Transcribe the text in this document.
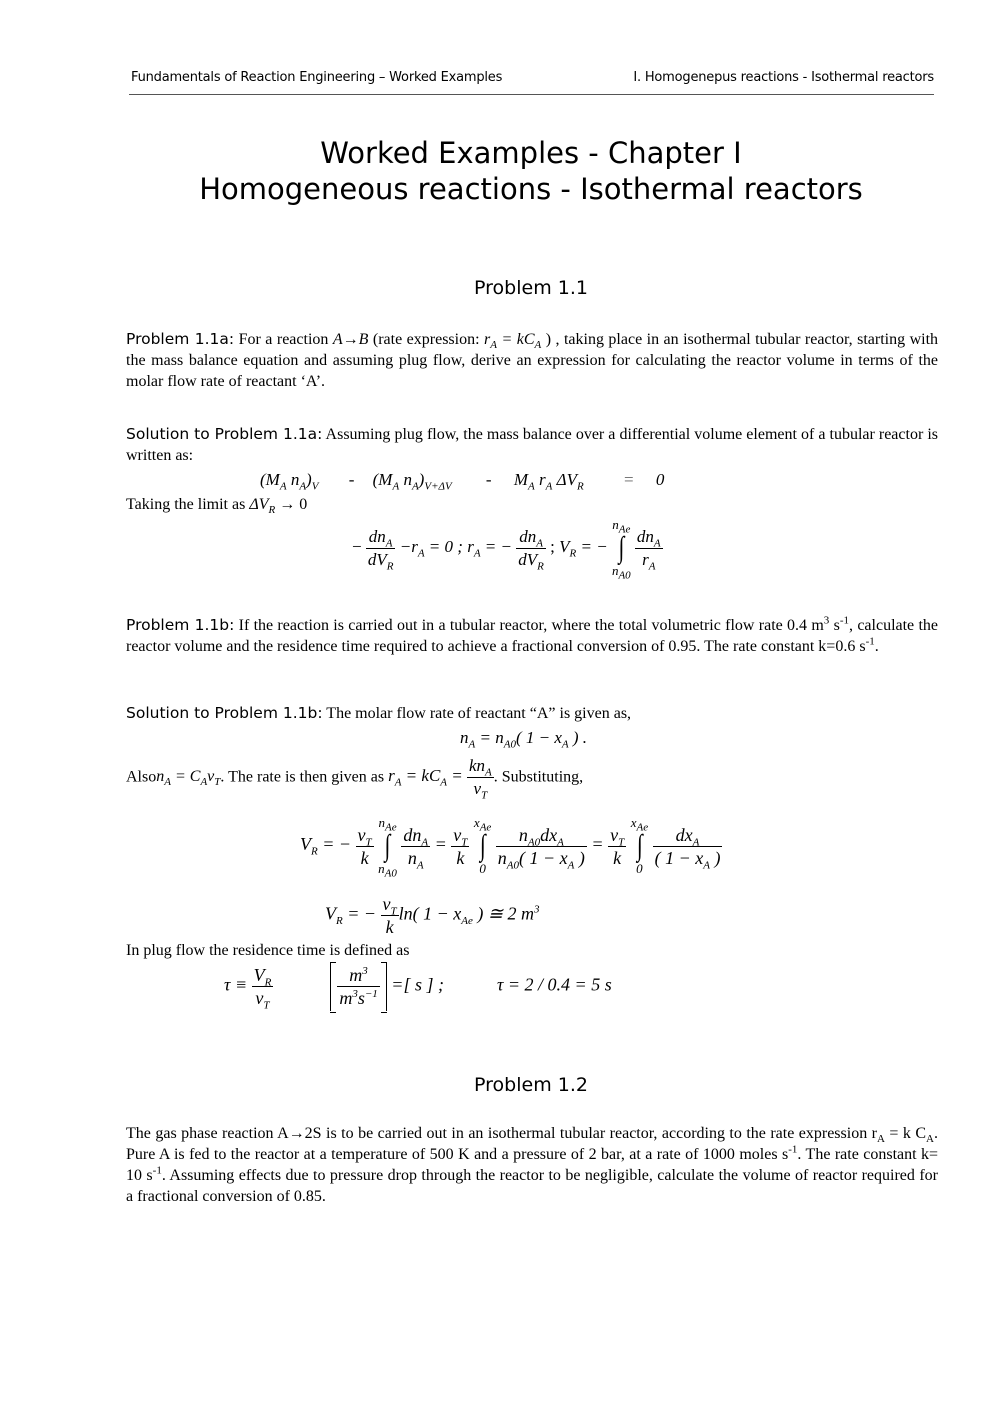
Fundamentals of Reaction Engineering – Worked Examples	I. Homogenepus reactions - Isothermal reactors
Worked Examples - Chapter I
Homogeneous reactions - Isothermal reactors
Problem 1.1
Problem 1.1a: For a reaction A→B (rate expression: $r_A = kC_A$ ) , taking place in an isothermal tubular reactor, starting with the mass balance equation and assuming plug flow, derive an expression for calculating the reactor volume in terms of the molar flow rate of reactant ‘A’.
Solution to Problem 1.1a: Assuming plug flow, the mass balance over a differential volume element of a tubular reactor is written as:
($M_A$ $n_A)_V - (M_A$ $n_A)_{V+\Delta V} - M_A$ $r_A$ $\Delta V_R = 0$
Taking the limit as $\Delta V_R \to 0$
− $\frac{dn_A}{dV_R} -r_A = 0$ ; $r_A$ = − $\frac{dn_A}{dV_R}$ ; $V_R$ = −
$n_{Ae}$
∫
$n_{A0}$

$\frac{dn_A}{r_A}$
Problem 1.1b: If the reaction is carried out in a tubular reactor, where the total volumetric flow rate 0.4 $m^3$ $s^{-1}$, calculate the reactor volume and the residence time required to achieve a fractional conversion of 0.95. The rate constant k=0.6 $s^{-1}$.
Solution to Problem 1.1b: The molar flow rate of reactant “A” is given as,
$n_A = n_{A0}$( $1 - x_A$ ) .
Alson$_A$ = $C_Av_T$. The rate is then given as $r_A = kC_A = \frac{kn_A}{v_T}$ . Substituting,
$V_R$ = − $\frac{v_T}{k}$

$n_{Ae}$
∫
$n_{A0}$

$\frac{dn_A}{n_A} = \frac{v_T}{k}$

$x_{Ae}$
∫
0
$\frac{n_{A0}dx_A}{n_{A0}( 1 - x_A )} = \frac{v_T}{k}$

$x_{Ae}$
∫
0
$\frac{dx_A}{( 1 - x_A )}$
$V_R$ = − $\frac{v_T}{k} \ln$( $1 - x_{Ae}$ ) ≅ 2 $m^3$
In plug flow the residence time is defined as
$\tau \equiv \frac{V_R}{v_T}$
	$\frac{m^3}{m^3s^{-1}}$ =[ s ] ;	τ = 2 / 0.4 = 5 s
Problem 1.2
The gas phase reaction A→2S is to be carried out in an isothermal tubular reactor, according to the rate expression $r_A = k$ $C_A$. Pure A is fed to the reactor at a temperature of 500 K and a pressure of 2 bar, at a rate of 1000 moles $s^{-1}$. The rate constant k= 10 $s^{-1}$. Assuming effects due to pressure drop through the reactor to be negligible, calculate the volume of reactor required for a fractional conversion of 0.85.
